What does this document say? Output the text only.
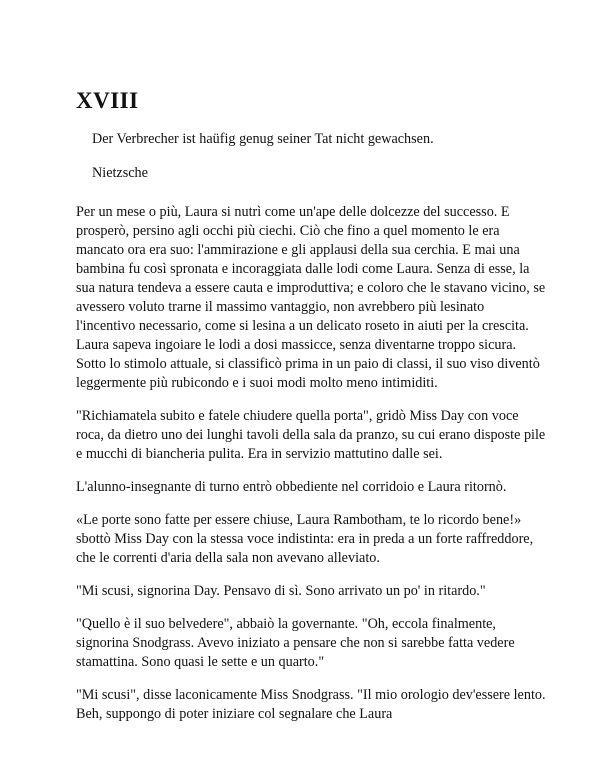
XVIII

Der Verbrecher ist haüfig genug seiner Tat nicht gewachsen.

Nietzsche

Per un mese o più, Laura si nutrì come un'ape delle dolcezze del successo. E prosperò, persino agli occhi più ciechi. Ciò che fino a quel momento le era mancato ora era suo: l'ammirazione e gli applausi della sua cerchia. E mai una bambina fu così spronata e incoraggiata dalle lodi come Laura. Senza di esse, la sua natura tendeva a essere cauta e improduttiva; e coloro che le stavano vicino, se avessero voluto trarne il massimo vantaggio, non avrebbero più lesinato l'incentivo necessario, come si lesina a un delicato roseto in aiuti per la crescita. Laura sapeva ingoiare le lodi a dosi massicce, senza diventarne troppo sicura. Sotto lo stimolo attuale, si classificò prima in un paio di classi, il suo viso diventò leggermente più rubicondo e i suoi modi molto meno intimiditi.

"Richiamatela subito e fatele chiudere quella porta", gridò Miss Day con voce roca, da dietro uno dei lunghi tavoli della sala da pranzo, su cui erano disposte pile e mucchi di biancheria pulita. Era in servizio mattutino dalle sei.

L'alunno-insegnante di turno entrò obbediente nel corridoio e Laura ritornò.

«Le porte sono fatte per essere chiuse, Laura Rambotham, te lo ricordo bene!» sbottò Miss Day con la stessa voce indistinta: era in preda a un forte raffreddore, che le correnti d'aria della sala non avevano alleviato.

"Mi scusi, signorina Day. Pensavo di sì. Sono arrivato un po' in ritardo."

"Quello è il suo belvedere", abbaiò la governante. "Oh, eccola finalmente, signorina Snodgrass. Avevo iniziato a pensare che non si sarebbe fatta vedere stamattina. Sono quasi le sette e un quarto."

"Mi scusi", disse laconicamente Miss Snodgrass. "Il mio orologio dev'essere lento. Beh, suppongo di poter iniziare col segnalare che Laura
